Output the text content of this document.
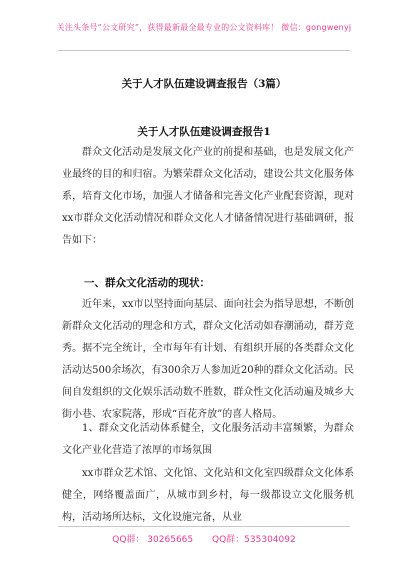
关注头条号“公文研究”，获得最新最全最专业的公文资料库！ 微信：gongwenyj
关于人才队伍建设调查报告（3篇）
关于人才队伍建设调查报告1
群众文化活动是发展文化产业的前提和基础，也是发展文化产业最终的目的和归宿。为繁荣群众文化活动，建设公共文化服务体系，培育文化市场，加强人才储备和完善文化产业配套资源，现对xx市群众文化活动情况和群众文化人才储备情况进行基础调研，报告如下：
一、群众文化活动的现状：
近年来，xx市以坚持面向基层、面向社会为指导思想，不断创新群众文化活动的理念和方式，群众文化活动如春潮涌动，群芳竞秀。据不完全统计，全市每年有计划、有组织开展的各类群众文化活动达500余场次，有300余万人参加近20种的群众文化活动。民间自发组织的文化娱乐活动数不胜数，群众性文化活动遍及城乡大街小巷、农家院落，形成“百花齐放”的喜人格局。
1、群众文化活动体系健全，文化服务活动丰富频繁，为群众文化产业化营造了浓厚的市场氛围
xx市群众艺术馆、文化馆、文化站和文化室四级群众文化体系健全，网络覆盖面广，从城市到乡村，每一级都设立文化服务机构，活动场所达标，文化设施完备，从业
QQ群： 30265665 QQ群：535304092
